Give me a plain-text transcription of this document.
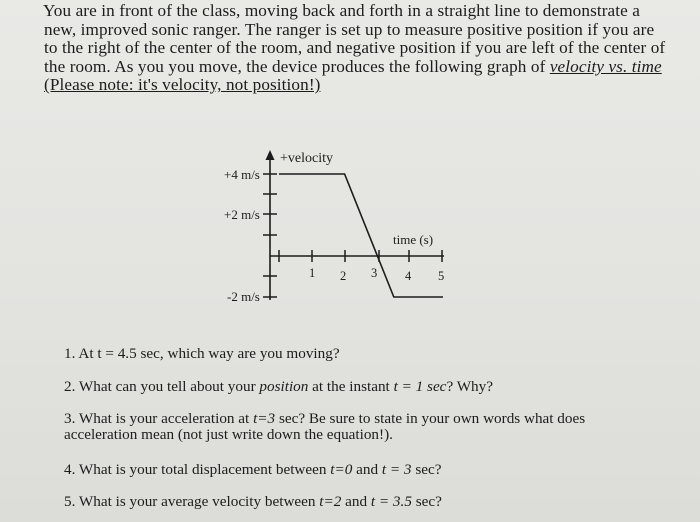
You are in front of the class, moving back and forth in a straight line to demonstrate a
new, improved sonic ranger. The ranger is set up to measure positive position if you are
to the right of the center of the room, and negative position if you are left of the center of
the room. As you you move, the device produces the following graph of velocity vs. time
(Please note: it's velocity, not position!)
+velocity
time (s)
+4 m/s
+2 m/s
-2 m/s
1 2 3 4 5
1. At t = 4.5 sec, which way are you moving?
2. What can you tell about your position at the instant t = 1 sec? Why?
3. What is your acceleration at t=3 sec? Be sure to state in your own words what does
acceleration mean (not just write down the equation!).
4. What is your total displacement between t=0 and t = 3 sec?
5. What is your average velocity between t=2 and t = 3.5 sec?
